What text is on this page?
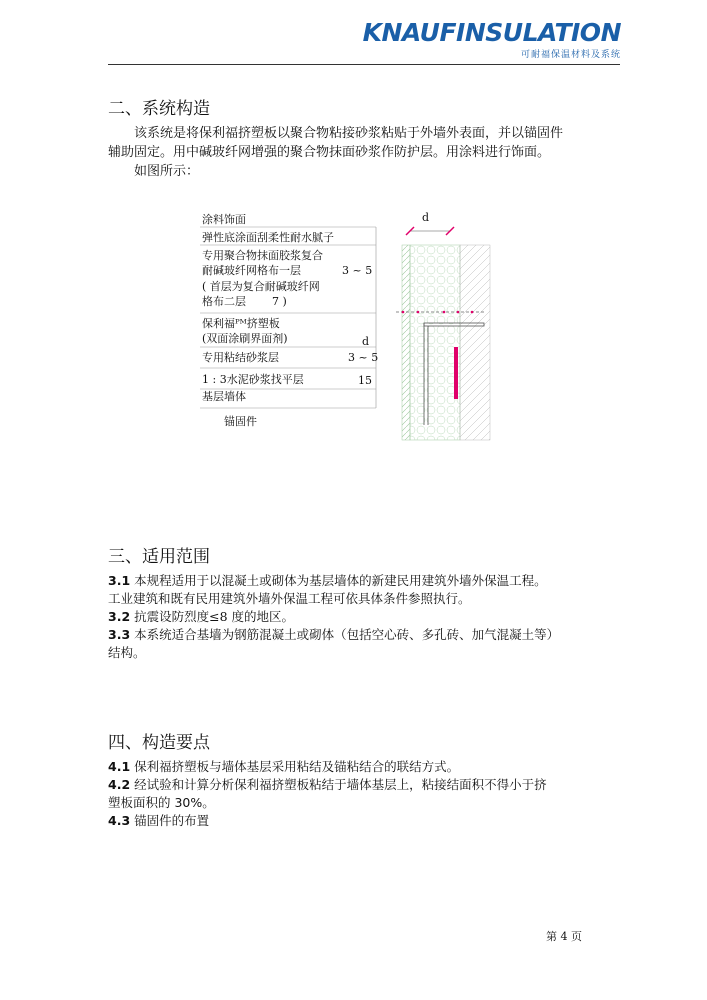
KNAUFINSULATION
可耐福保温材料及系统
二、系统构造
该系统是将保利福挤塑板以聚合物粘接砂浆粘贴于外墙外表面，并以锚固件
辅助固定。用中碱玻纤网增强的聚合物抹面砂浆作防护层。用涂料进行饰面。
如图所示：
涂料饰面	d
弹性底涂面刮柔性耐水腻子
专用聚合物抹面胶浆复合
耐碱玻纤网格布一层	3 ~ 5
( 首层为复合耐碱玻纤网
格布二层 7 )
保利福ᴾᴹ挤塑板
(双面涂刷界面剂)	d
专用粘结砂浆层	3 ~ 5
1 : 3水泥砂浆找平层	15
基层墙体
锚固件
三、适用范围
3.1 本规程适用于以混凝土或砌体为基层墙体的新建民用建筑外墙外保温工程。
工业建筑和既有民用建筑外墙外保温工程可依具体条件参照执行。
3.2 抗震设防烈度≤8 度的地区。
3.3 本系统适合基墙为钢筋混凝土或砌体（包括空心砖、多孔砖、加气混凝土等）
结构。
四、构造要点
4.1 保利福挤塑板与墙体基层采用粘结及锚粘结合的联结方式。
4.2 经试验和计算分析保利福挤塑板粘结于墙体基层上，粘接结面积不得小于挤
塑板面积的 30%。
4.3 锚固件的布置
第 4 页
